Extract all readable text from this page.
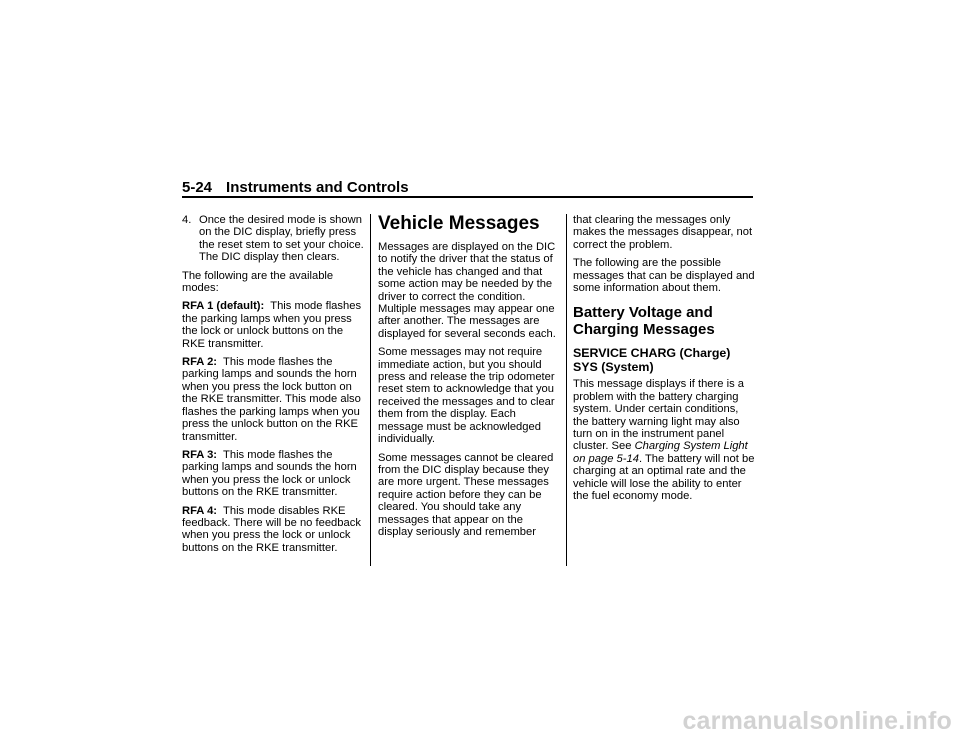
5-24 Instruments and Controls
4. Once the desired mode is shown on the DIC display, briefly press the reset stem to set your choice. The DIC display then clears.

The following are the available modes:

RFA 1 (default): This mode flashes the parking lamps when you press the lock or unlock buttons on the RKE transmitter.

RFA 2: This mode flashes the parking lamps and sounds the horn when you press the lock button on the RKE transmitter. This mode also flashes the parking lamps when you press the unlock button on the RKE transmitter.

RFA 3: This mode flashes the parking lamps and sounds the horn when you press the lock or unlock buttons on the RKE transmitter.

RFA 4: This mode disables RKE feedback. There will be no feedback when you press the lock or unlock buttons on the RKE transmitter.

Vehicle Messages

Messages are displayed on the DIC to notify the driver that the status of the vehicle has changed and that some action may be needed by the driver to correct the condition. Multiple messages may appear one after another. The messages are displayed for several seconds each.

Some messages may not require immediate action, but you should press and release the trip odometer reset stem to acknowledge that you received the messages and to clear them from the display. Each message must be acknowledged individually.

Some messages cannot be cleared from the DIC display because they are more urgent. These messages require action before they can be cleared. You should take any messages that appear on the display seriously and remember

that clearing the messages only makes the messages disappear, not correct the problem.

The following are the possible messages that can be displayed and some information about them.

Battery Voltage and Charging Messages
SERVICE CHARG (Charge) SYS (System)

This message displays if there is a problem with the battery charging system. Under certain conditions, the battery warning light may also turn on in the instrument panel cluster. See Charging System Light on page 5-14. The battery will not be charging at an optimal rate and the vehicle will lose the ability to enter the fuel economy mode.

carmanualsonline.info
